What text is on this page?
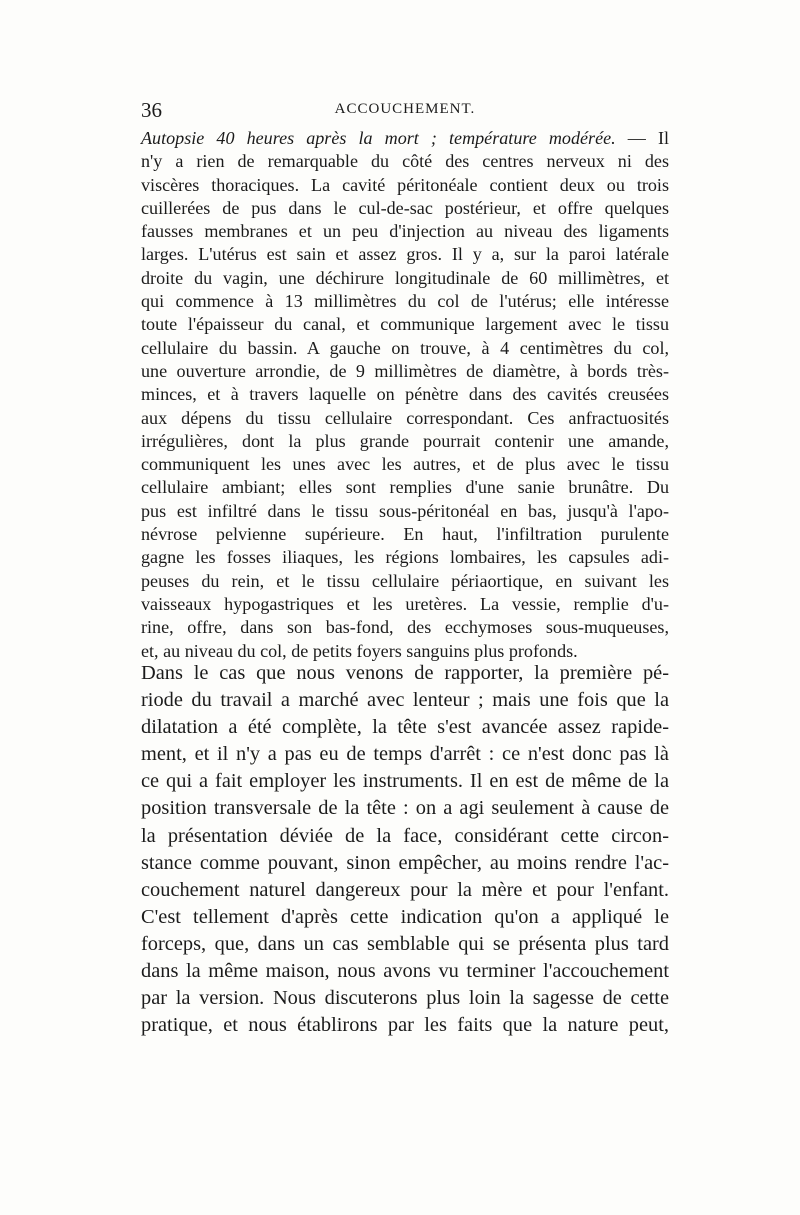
36	ACCOUCHEMENT.
Autopsie 40 heures après la mort ; température modérée. — Il
n'y a rien de remarquable du côté des centres nerveux ni des
viscères thoraciques. La cavité péritonéale contient deux ou trois
cuillerées de pus dans le cul-de-sac postérieur, et offre quelques
fausses membranes et un peu d'injection au niveau des ligaments
larges. L'utérus est sain et assez gros. Il y a, sur la paroi latérale
droite du vagin, une déchirure longitudinale de 60 millimètres, et
qui commence à 13 millimètres du col de l'utérus; elle intéresse
toute l'épaisseur du canal, et communique largement avec le tissu
cellulaire du bassin. A gauche on trouve, à 4 centimètres du col,
une ouverture arrondie, de 9 millimètres de diamètre, à bords très-
minces, et à travers laquelle on pénètre dans des cavités creusées
aux dépens du tissu cellulaire correspondant. Ces anfractuosités
irrégulières, dont la plus grande pourrait contenir une amande,
communiquent les unes avec les autres, et de plus avec le tissu
cellulaire ambiant; elles sont remplies d'une sanie brunâtre. Du
pus est infiltré dans le tissu sous-péritonéal en bas, jusqu'à l'apo-
névrose pelvienne supérieure. En haut, l'infiltration purulente
gagne les fosses iliaques, les régions lombaires, les capsules adi-
peuses du rein, et le tissu cellulaire périaortique, en suivant les
vaisseaux hypogastriques et les uretères. La vessie, remplie d'u-
rine, offre, dans son bas-fond, des ecchymoses sous-muqueuses,
et, au niveau du col, de petits foyers sanguins plus profonds.
Dans le cas que nous venons de rapporter, la première pé-
riode du travail a marché avec lenteur ; mais une fois que la
dilatation a été complète, la tête s'est avancée assez rapide-
ment, et il n'y a pas eu de temps d'arrêt : ce n'est donc pas là
ce qui a fait employer les instruments. Il en est de même de la
position transversale de la tête : on a agi seulement à cause de
la présentation déviée de la face, considérant cette circon-
stance comme pouvant, sinon empêcher, au moins rendre l'ac-
couchement naturel dangereux pour la mère et pour l'enfant.
C'est tellement d'après cette indication qu'on a appliqué le
forceps, que, dans un cas semblable qui se présenta plus tard
dans la même maison, nous avons vu terminer l'accouchement
par la version. Nous discuterons plus loin la sagesse de cette
pratique, et nous établirons par les faits que la nature peut,
